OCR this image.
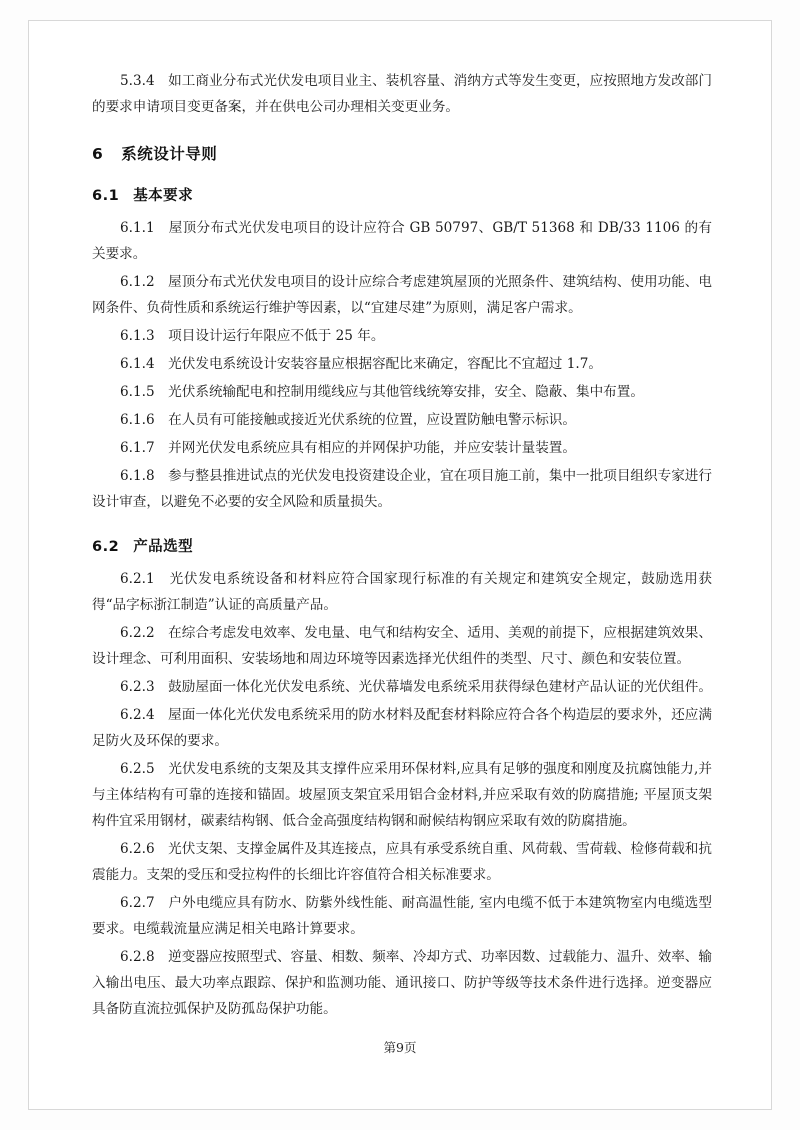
5.3.4　如工商业分布式光伏发电项目业主、装机容量、消纳方式等发生变更，应按照地方发改部门的要求申请项目变更备案，并在供电公司办理相关变更业务。

6 系统设计导则
6.1 基本要求

6.1.1　屋顶分布式光伏发电项目的设计应符合 GB 50797、GB/T 51368 和 DB/33 1106 的有关要求。

6.1.2　屋顶分布式光伏发电项目的设计应综合考虑建筑屋顶的光照条件、建筑结构、使用功能、电网条件、负荷性质和系统运行维护等因素，以“宜建尽建”为原则，满足客户需求。

6.1.3　项目设计运行年限应不低于 25 年。

6.1.4　光伏发电系统设计安装容量应根据容配比来确定，容配比不宜超过 1.7。

6.1.5　光伏系统输配电和控制用缆线应与其他管线统筹安排，安全、隐蔽、集中布置。

6.1.6　在人员有可能接触或接近光伏系统的位置，应设置防触电警示标识。

6.1.7　并网光伏发电系统应具有相应的并网保护功能，并应安装计量装置。

6.1.8　参与整县推进试点的光伏发电投资建设企业，宜在项目施工前，集中一批项目组织专家进行设计审查，以避免不必要的安全风险和质量损失。

6.2 产品选型

6.2.1　光伏发电系统设备和材料应符合国家现行标准的有关规定和建筑安全规定，鼓励选用获得“品字标浙江制造”认证的高质量产品。

6.2.2　在综合考虑发电效率、发电量、电气和结构安全、适用、美观的前提下，应根据建筑效果、设计理念、可利用面积、安装场地和周边环境等因素选择光伏组件的类型、尺寸、颜色和安装位置。

6.2.3　鼓励屋面一体化光伏发电系统、光伏幕墙发电系统采用获得绿色建材产品认证的光伏组件。

6.2.4　屋面一体化光伏发电系统采用的防水材料及配套材料除应符合各个构造层的要求外，还应满足防火及环保的要求。

6.2.5　光伏发电系统的支架及其支撑件应采用环保材料,应具有足够的强度和刚度及抗腐蚀能力,并与主体结构有可靠的连接和锚固。坡屋顶支架宜采用铝合金材料,并应采取有效的防腐措施; 平屋顶支架构件宜采用钢材，碳素结构钢、低合金高强度结构钢和耐候结构钢应采取有效的防腐措施。

6.2.6　光伏支架、支撑金属件及其连接点，应具有承受系统自重、风荷载、雪荷载、检修荷载和抗震能力。支架的受压和受拉构件的长细比许容值符合相关标准要求。

6.2.7　户外电缆应具有防水、防紫外线性能、耐高温性能, 室内电缆不低于本建筑物室内电缆选型要求。电缆载流量应满足相关电路计算要求。

6.2.8　逆变器应按照型式、容量、相数、频率、冷却方式、功率因数、过载能力、温升、效率、输入输出电压、最大功率点跟踪、保护和监测功能、通讯接口、防护等级等技术条件进行选择。逆变器应具备防直流拉弧保护及防孤岛保护功能。

第9页
